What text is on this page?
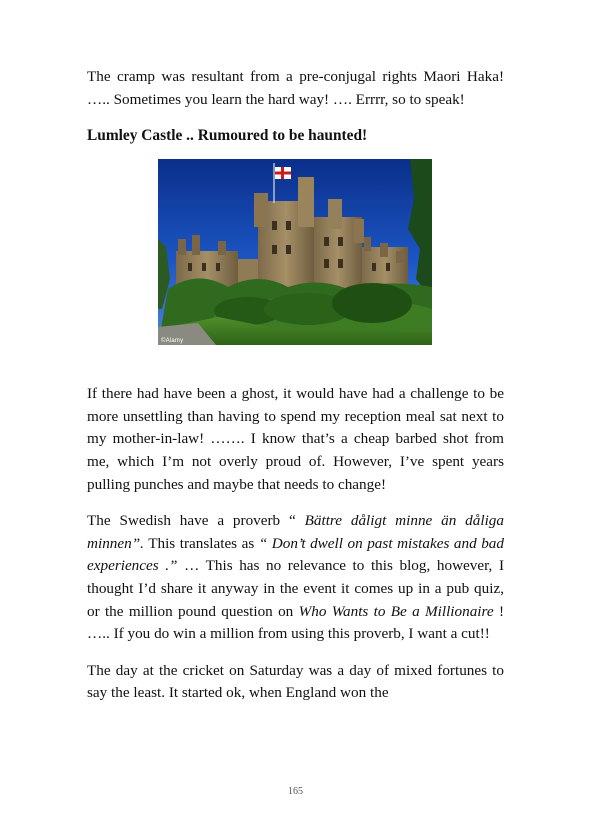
The cramp was resultant from a pre-conjugal rights Maori Haka! ….. Sometimes you learn the hard way! …. Errrr, so to speak!

Lumley Castle .. Rumoured to be haunted!

©Alamy

If there had have been a ghost, it would have had a challenge to be more unsettling than having to spend my reception meal sat next to my mother-in-law! ……. I know that’s a cheap barbed shot from me, which I’m not overly proud of. However, I’ve spent years pulling punches and maybe that needs to change!

The Swedish have a proverb “ Bättre dåligt minne än dåliga minnen”. This translates as “ Don’t dwell on past mistakes and bad experiences .” … This has no relevance to this blog, however, I thought I’d share it anyway in the event it comes up in a pub quiz, or the million pound question on Who Wants to Be a Millionaire ! ….. If you do win a million from using this proverb, I want a cut!!

The day at the cricket on Saturday was a day of mixed fortunes to say the least. It started ok, when England won the

165
